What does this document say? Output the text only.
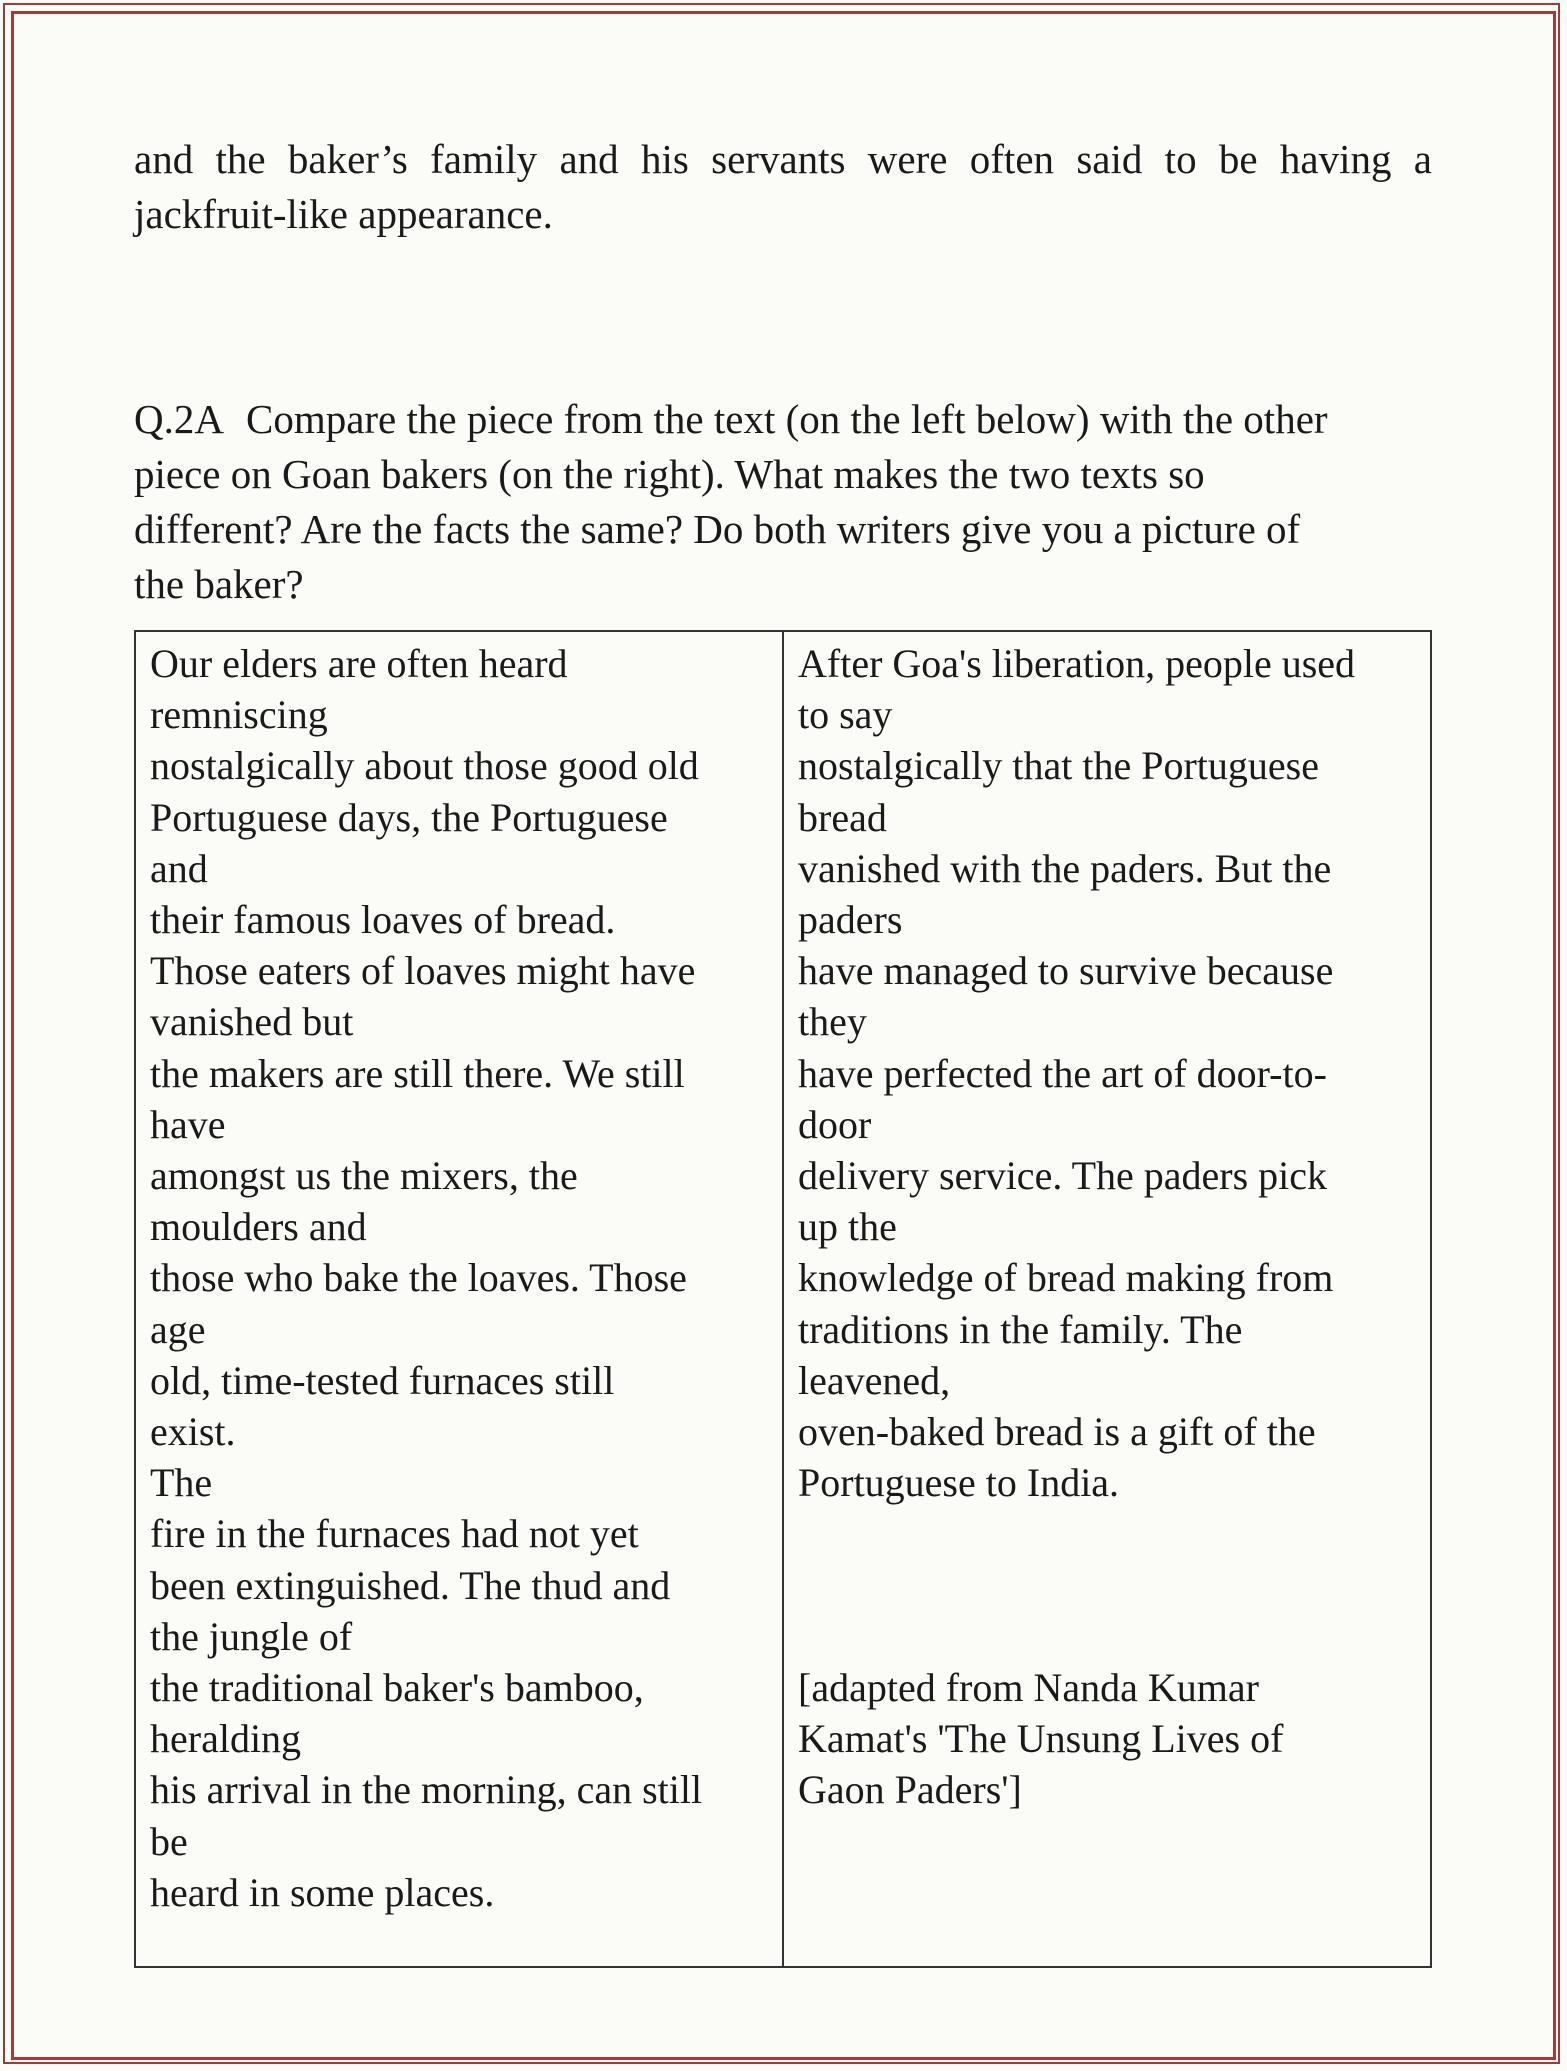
and the baker’s family and his servants were often said to be having a jackfruit-like appearance.

Q.2A Compare the piece from the text (on the left below) with the other
piece on Goan bakers (on the right). What makes the two texts so
different? Are the facts the same? Do both writers give you a picture of
the baker?
Our elders are often heard
remniscing
nostalgically about those good old
Portuguese days, the Portuguese
and
their famous loaves of bread.
Those eaters of loaves might have
vanished but
the makers are still there. We still
have
amongst us the mixers, the
moulders and
those who bake the loaves. Those
age
old, time-tested furnaces still
exist.
The
fire in the furnaces had not yet
been extinguished. The thud and
the jungle of
the traditional baker's bamboo,
heralding
his arrival in the morning, can still
be
heard in some places.

After Goa's liberation, people used
to say
nostalgically that the Portuguese
bread
vanished with the paders. But the
paders
have managed to survive because
they
have perfected the art of door-to-
door
delivery service. The paders pick
up the
knowledge of bread making from
traditions in the family. The
leavened,
oven-baked bread is a gift of the
Portuguese to India.
[adapted from Nanda Kumar
Kamat's 'The Unsung Lives of
Gaon Paders']
